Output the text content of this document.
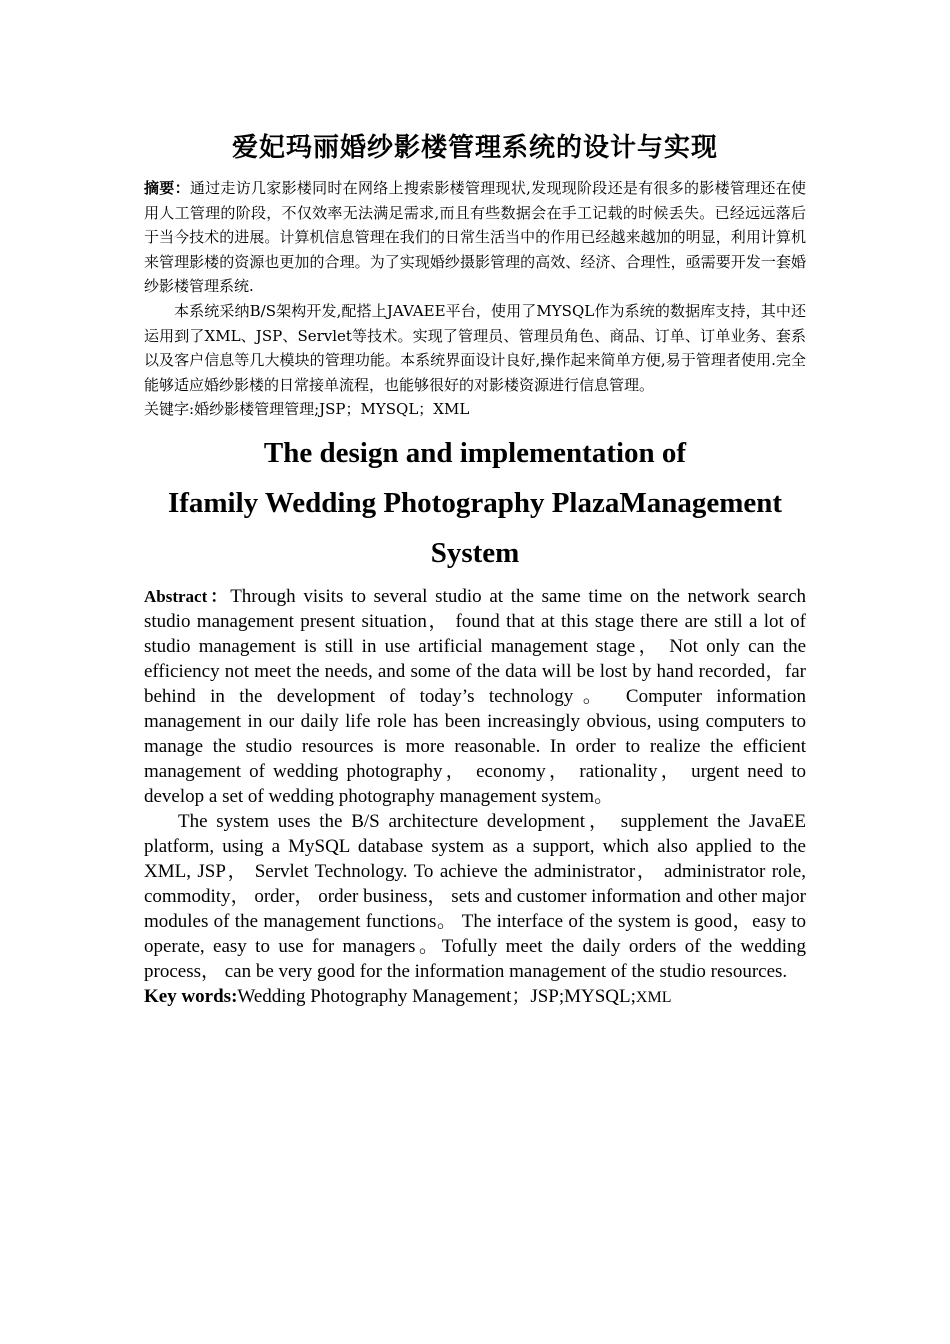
爱妃玛丽婚纱影楼管理系统的设计与实现

摘要：通过走访几家影楼同时在网络上搜索影楼管理现状,发现现阶段还是有很多的影楼管理还在使用人工管理的阶段，不仅效率无法满足需求,而且有些数据会在手工记载的时候丢失。已经远远落后于当今技术的进展。计算机信息管理在我们的日常生活当中的作用已经越来越加的明显，利用计算机来管理影楼的资源也更加的合理。为了实现婚纱摄影管理的高效、经济、合理性，亟需要开发一套婚纱影楼管理系统.

本系统采纳B/S架构开发,配搭上JAVAEE平台，使用了MYSQL作为系统的数据库支持，其中还运用到了XML、JSP、Servlet等技术。实现了管理员、管理员角色、商品、订单、订单业务、套系以及客户信息等几大模块的管理功能。本系统界面设计良好,操作起来简单方便,易于管理者使用.完全能够适应婚纱影楼的日常接单流程，也能够很好的对影楼资源进行信息管理。

关键字:婚纱影楼管理管理;JSP；MYSQL；XML

The design and implementation of
Ifamily Wedding Photography PlazaManagement System

Abstract：Through visits to several studio at the same time on the network search studio management present situation， found that at this stage there are still a lot of studio management is still in use artificial management stage， Not only can the efficiency not meet the needs, and some of the data will be lost by hand recorded，far behind in the development of today’s technology。 Computer information management in our daily life role has been increasingly obvious, using computers to manage the studio resources is more reasonable. In order to realize the efficient management of wedding photography， economy， rationality， urgent need to develop a set of wedding photography management system。

The system uses the B/S architecture development， supplement the JavaEE platform, using a MySQL database system as a support, which also applied to the XML, JSP， Servlet Technology. To achieve the administrator， administrator role, commodity， order， order business， sets and customer information and other major modules of the management functions。 The interface of the system is good，easy to operate, easy to use for managers。Tofully meet the daily orders of the wedding process， can be very good for the information management of the studio resources.

Key words:Wedding Photography Management；JSP;MYSQL;XML
